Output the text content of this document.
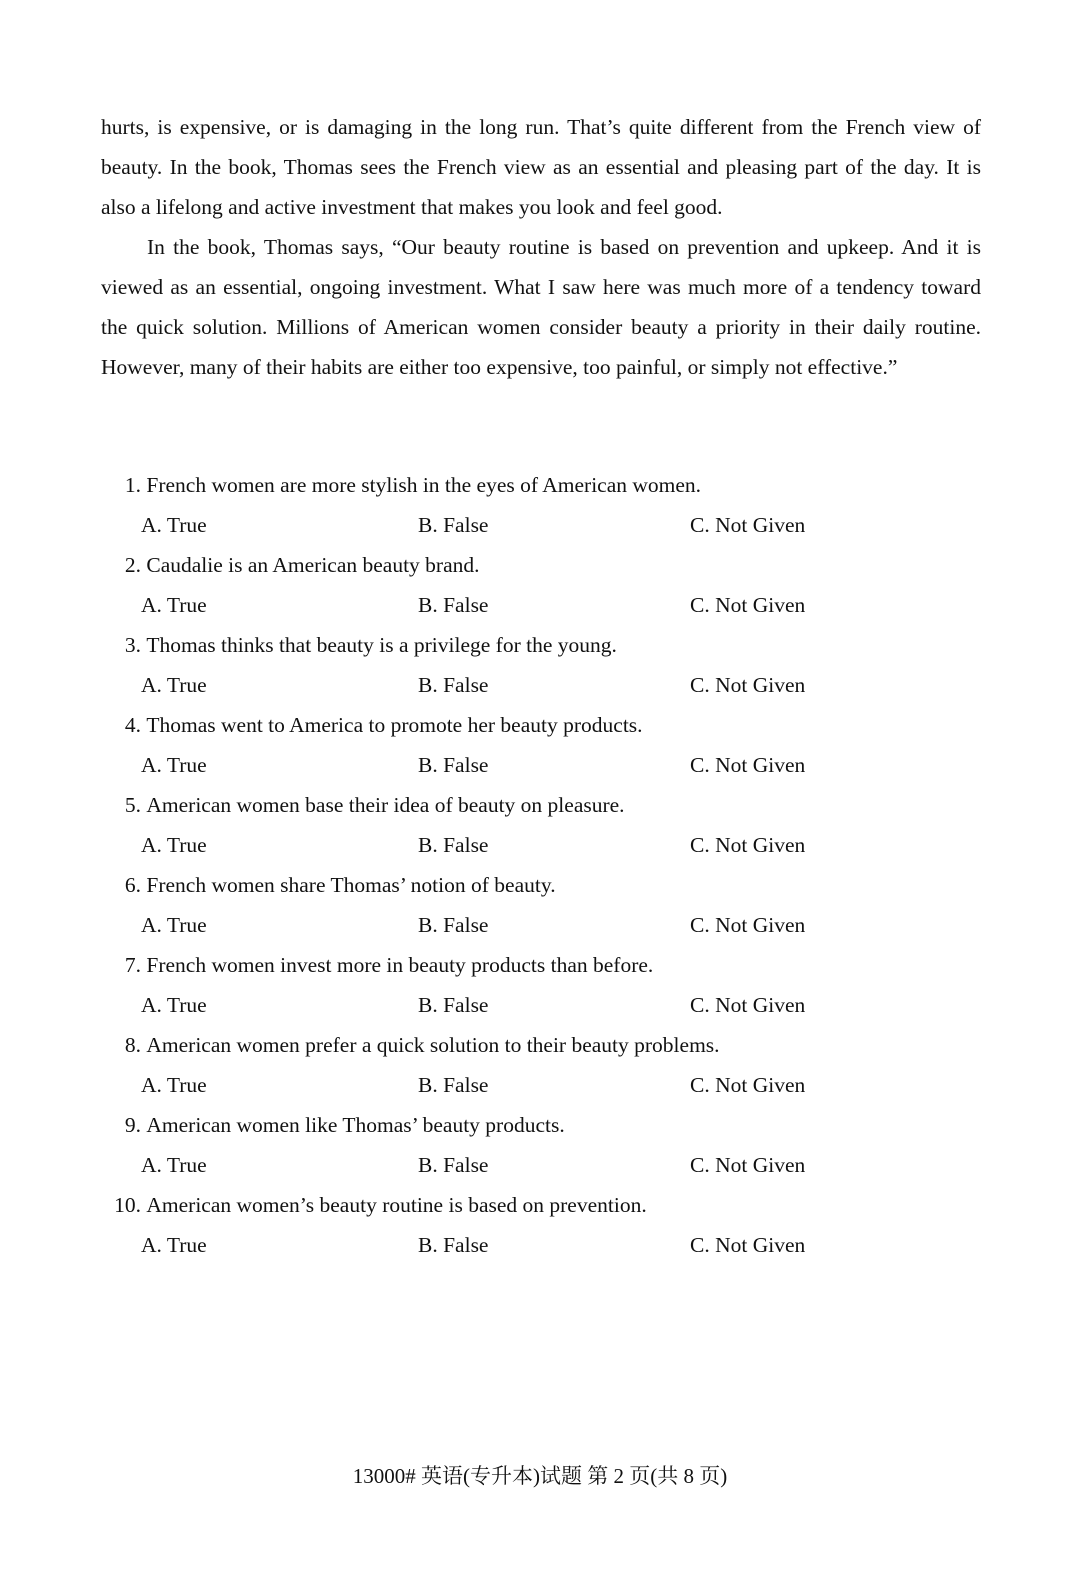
hurts, is expensive, or is damaging in the long run. That’s quite different from the French view of beauty. In the book, Thomas sees the French view as an essential and pleasing part of the day. It is also a lifelong and active investment that makes you look and feel good.

In the book, Thomas says, “Our beauty routine is based on prevention and upkeep. And it is viewed as an essential, ongoing investment. What I saw here was much more of a tendency toward the quick solution. Millions of American women consider beauty a priority in their daily routine. However, many of their habits are either too expensive, too painful, or simply not effective.”

1.
French women are more stylish in the eyes of American women.
A. True	B. False	C. Not Given
2.
Caudalie is an American beauty brand.
A. True	B. False	C. Not Given
3.
Thomas thinks that beauty is a privilege for the young.
A. True	B. False	C. Not Given
4.
Thomas went to America to promote her beauty products.
A. True	B. False	C. Not Given
5.
American women base their idea of beauty on pleasure.
A. True	B. False	C. Not Given
6.
French women share Thomas’ notion of beauty.
A. True	B. False	C. Not Given
7.
French women invest more in beauty products than before.
A. True	B. False	C. Not Given
8.
American women prefer a quick solution to their beauty problems.
A. True	B. False	C. Not Given
9.
American women like Thomas’ beauty products.
A. True	B. False	C. Not Given
10.
American women’s beauty routine is based on prevention.
A. True	B. False	C. Not Given
13000# 英语(专升本)试题 第 2 页(共 8 页)
